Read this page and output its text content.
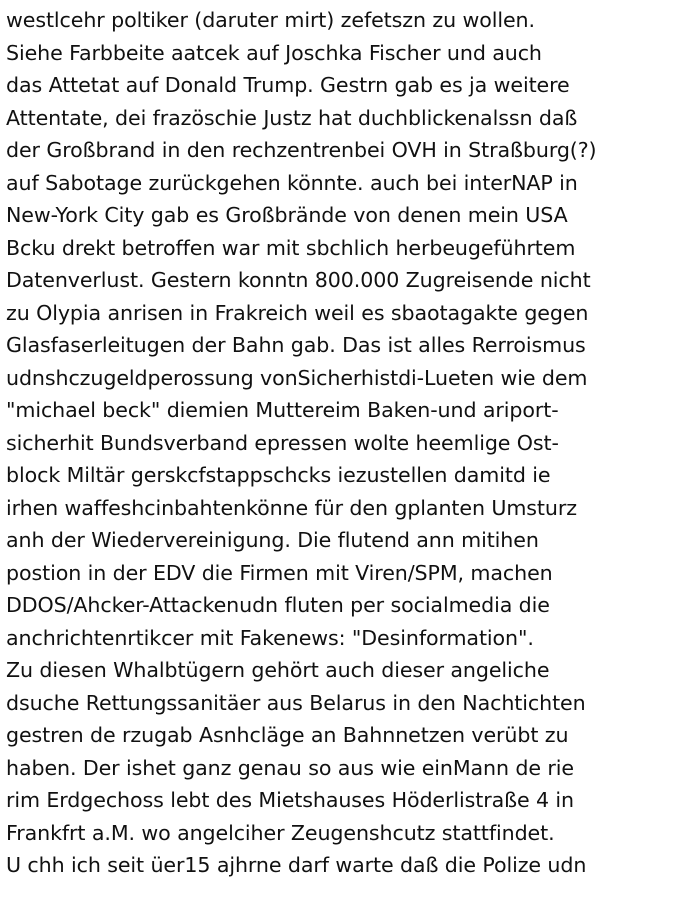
westlcehr poltiker (daruter mirt) zefetszn zu wollen.
Siehe Farbbeite aatcek auf Joschka Fischer und auch
das Attetat auf Donald Trump. Gestrn gab es ja weitere
Attentate, dei frazöschie Justz hat duchblickenalssn daß
der Großbrand in den rechzentrenbei OVH in Straßburg(?)
auf Sabotage zurückgehen könnte. auch bei interNAP in
New-York City gab es Großbrände von denen mein USA
Bcku drekt betroffen war mit sbchlich herbeugeführtem
Datenverlust. Gestern konntn 800.000 Zugreisende nicht
zu Olypia anrisen in Frakreich weil es sbaotagakte gegen
Glasfaserleitugen der Bahn gab. Das ist alles Rerroismus
udnshczugeldperossung vonSicherhistdi-Lueten wie dem
"michael beck" diemien Muttereim Baken-und ariport-
sicherhit Bundsverband epressen wolte heemlige Ost-
block Miltär gerskcfstappschcks iezustellen damitd ie
irhen waffeshcinbahtenkönne für den gplanten Umsturz
anh der Wiedervereinigung. Die flutend ann mitihen
postion in der EDV die Firmen mit Viren/SPM, machen
DDOS/Ahcker-Attackenudn fluten per socialmedia die
anchrichtenrtikcer mit Fakenews: "Desinformation".
Zu diesen Whalbtügern gehört auch dieser angeliche
dsuche Rettungssanitäer aus Belarus in den Nachtichten
gestren de rzugab Asnhcläge an Bahnnetzen verübt zu
haben. Der ishet ganz genau so aus wie einMann de rie
rim Erdgechoss lebt des Mietshauses Höderlistraße 4 in
Frankfrt a.M. wo angelciher Zeugenshcutz stattfindet.
U chh ich seit üer15 ajhrne darf warte daß die Polize udn
